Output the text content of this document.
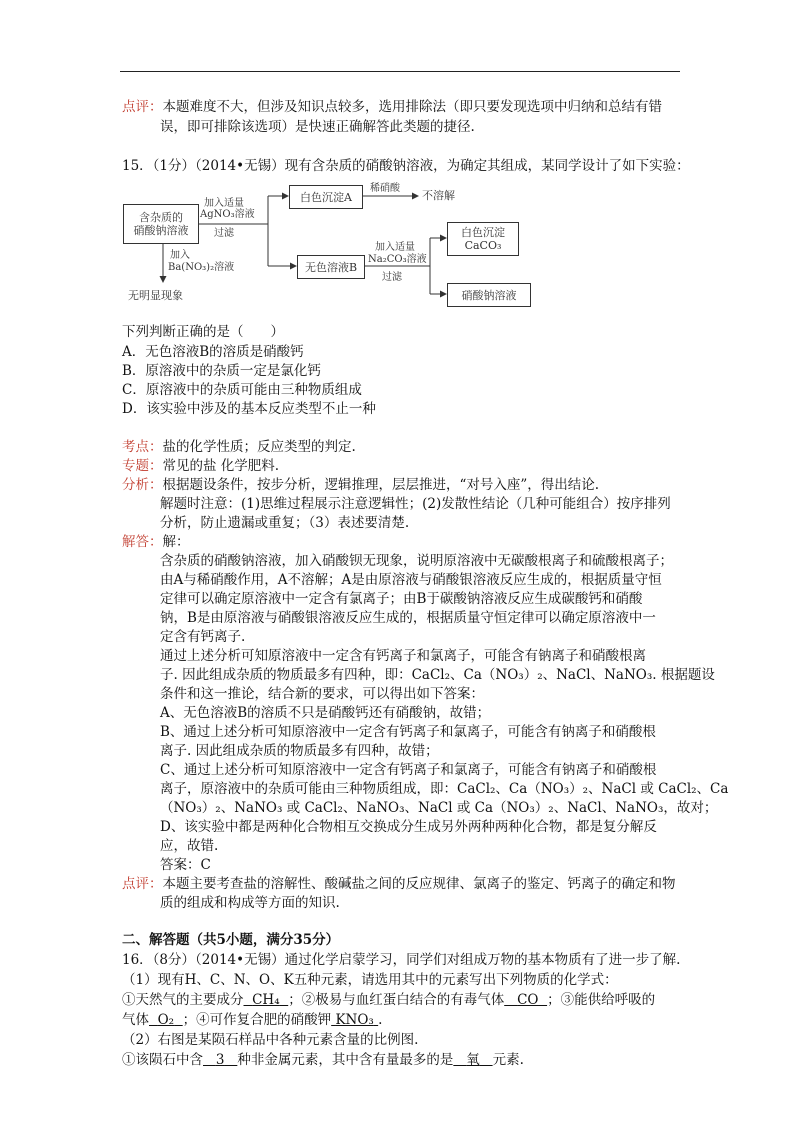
点评：本题难度不大，但涉及知识点较多，选用排除法（即只要发现选项中归纳和总结有错
误，即可排除该选项）是快速正确解答此类题的捷径.
15．（1分）（2014•无锡）现有含杂质的硝酸钠溶液，为确定其组成，某同学设计了如下实验：
含杂质的
硝酸钠溶液
加入适量
AgNO₃溶液
过滤
加入
Ba(NO₃)₂溶液
无明显现象
白色沉淀A
稀硝酸
不溶解
无色溶液B
加入适量
Na₂CO₃溶液
过滤
白色沉淀
CaCO₃
硝酸钠溶液
下列判断正确的是（　　）
A．无色溶液B的溶质是硝酸钙
B．原溶液中的杂质一定是氯化钙
C．原溶液中的杂质可能由三种物质组成
D．该实验中涉及的基本反应类型不止一种
考点：盐的化学性质；反应类型的判定.
专题：常见的盐 化学肥料.
分析：根据题设条件，按步分析，逻辑推理，层层推进，“对号入座”，得出结论.
解题时注意：(1)思维过程展示注意逻辑性；(2)发散性结论（几种可能组合）按序排列
分析，防止遗漏或重复；（3）表述要清楚.
解答：解：
含杂质的硝酸钠溶液，加入硝酸钡无现象，说明原溶液中无碳酸根离子和硫酸根离子；
由A与稀硝酸作用，A不溶解；A是由原溶液与硝酸银溶液反应生成的，根据质量守恒
定律可以确定原溶液中一定含有氯离子；由B于碳酸钠溶液反应生成碳酸钙和硝酸
钠，B是由原溶液与硝酸银溶液反应生成的，根据质量守恒定律可以确定原溶液中一
定含有钙离子.
通过上述分析可知原溶液中一定含有钙离子和氯离子，可能含有钠离子和硝酸根离
子. 因此组成杂质的物质最多有四种，即：CaCl₂、Ca（NO₃）₂、NaCl、NaNO₃. 根据题设
条件和这一推论，结合新的要求，可以得出如下答案：
A、无色溶液B的溶质不只是硝酸钙还有硝酸钠，故错；
B、通过上述分析可知原溶液中一定含有钙离子和氯离子，可能含有钠离子和硝酸根
离子. 因此组成杂质的物质最多有四种，故错；
C、通过上述分析可知原溶液中一定含有钙离子和氯离子，可能含有钠离子和硝酸根
离子，原溶液中的杂质可能由三种物质组成，即：CaCl₂、Ca（NO₃）₂、NaCl 或 CaCl₂、Ca
（NO₃）₂、NaNO₃ 或 CaCl₂、NaNO₃、NaCl 或 Ca（NO₃）₂、NaCl、NaNO₃，故对；
D、该实验中都是两种化合物相互交换成分生成另外两种两种化合物，都是复分解反
应，故错.
答案：C
点评：本题主要考查盐的溶解性、酸碱盐之间的反应规律、氯离子的鉴定、钙离子的确定和物
质的组成和构成等方面的知识.
二、解答题（共5小题，满分35分）
16．（8分）（2014•无锡）通过化学启蒙学习，同学们对组成万物的基本物质有了进一步了解.
（1）现有H、C、N、O、K五种元素，请选用其中的元素写出下列物质的化学式：
①天然气的主要成分 CH₄ ；②极易与血红蛋白结合的有毒气体 CO ；③能供给呼吸的
气体 O₂ ；④可作复合肥的硝酸钾 KNO₃ .
（2）右图是某陨石样品中各种元素含量的比例图.
①该陨石中含 3 种非金属元素，其中含有量最多的是 氧 元素.
